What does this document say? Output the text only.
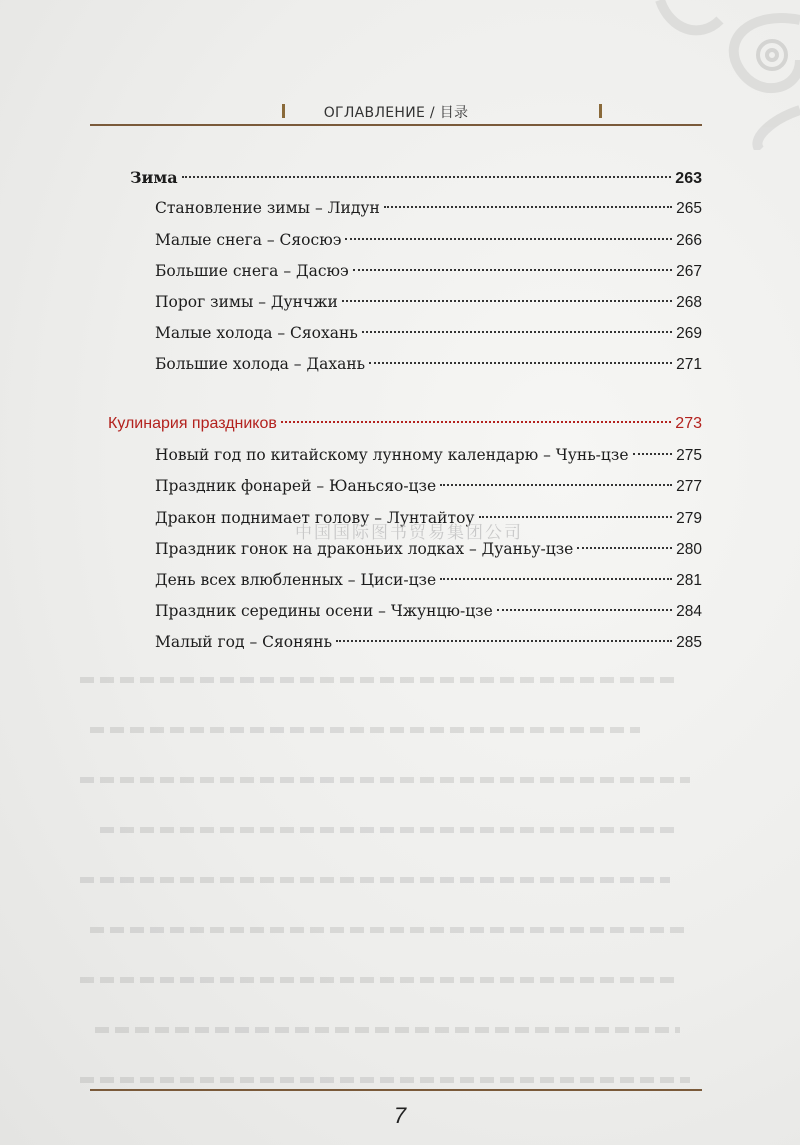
ОГЛАВЛЕНИЕ / 目录
Зима	263
Становление зимы – Лидун	265
Малые снега – Сяосюэ	266
Большие снега – Дасюэ	267
Порог зимы – Дунчжи	268
Малые холода – Сяохань	269
Большие холода – Дахань	271
Кулинария праздников	273
Новый год по китайскому лунному календарю – Чунь-цзе	275
Праздник фонарей – Юаньсяо-цзе	277
Дракон поднимает голову – Лунтайтоу	279
Праздник гонок на драконьих лодках – Дуаньу-цзе	280
День всех влюбленных – Циси-цзе	281
Праздник середины осени – Чжунцю-цзе	284
Малый год – Сяонянь	285
中国国际图书贸易集团公司
7
